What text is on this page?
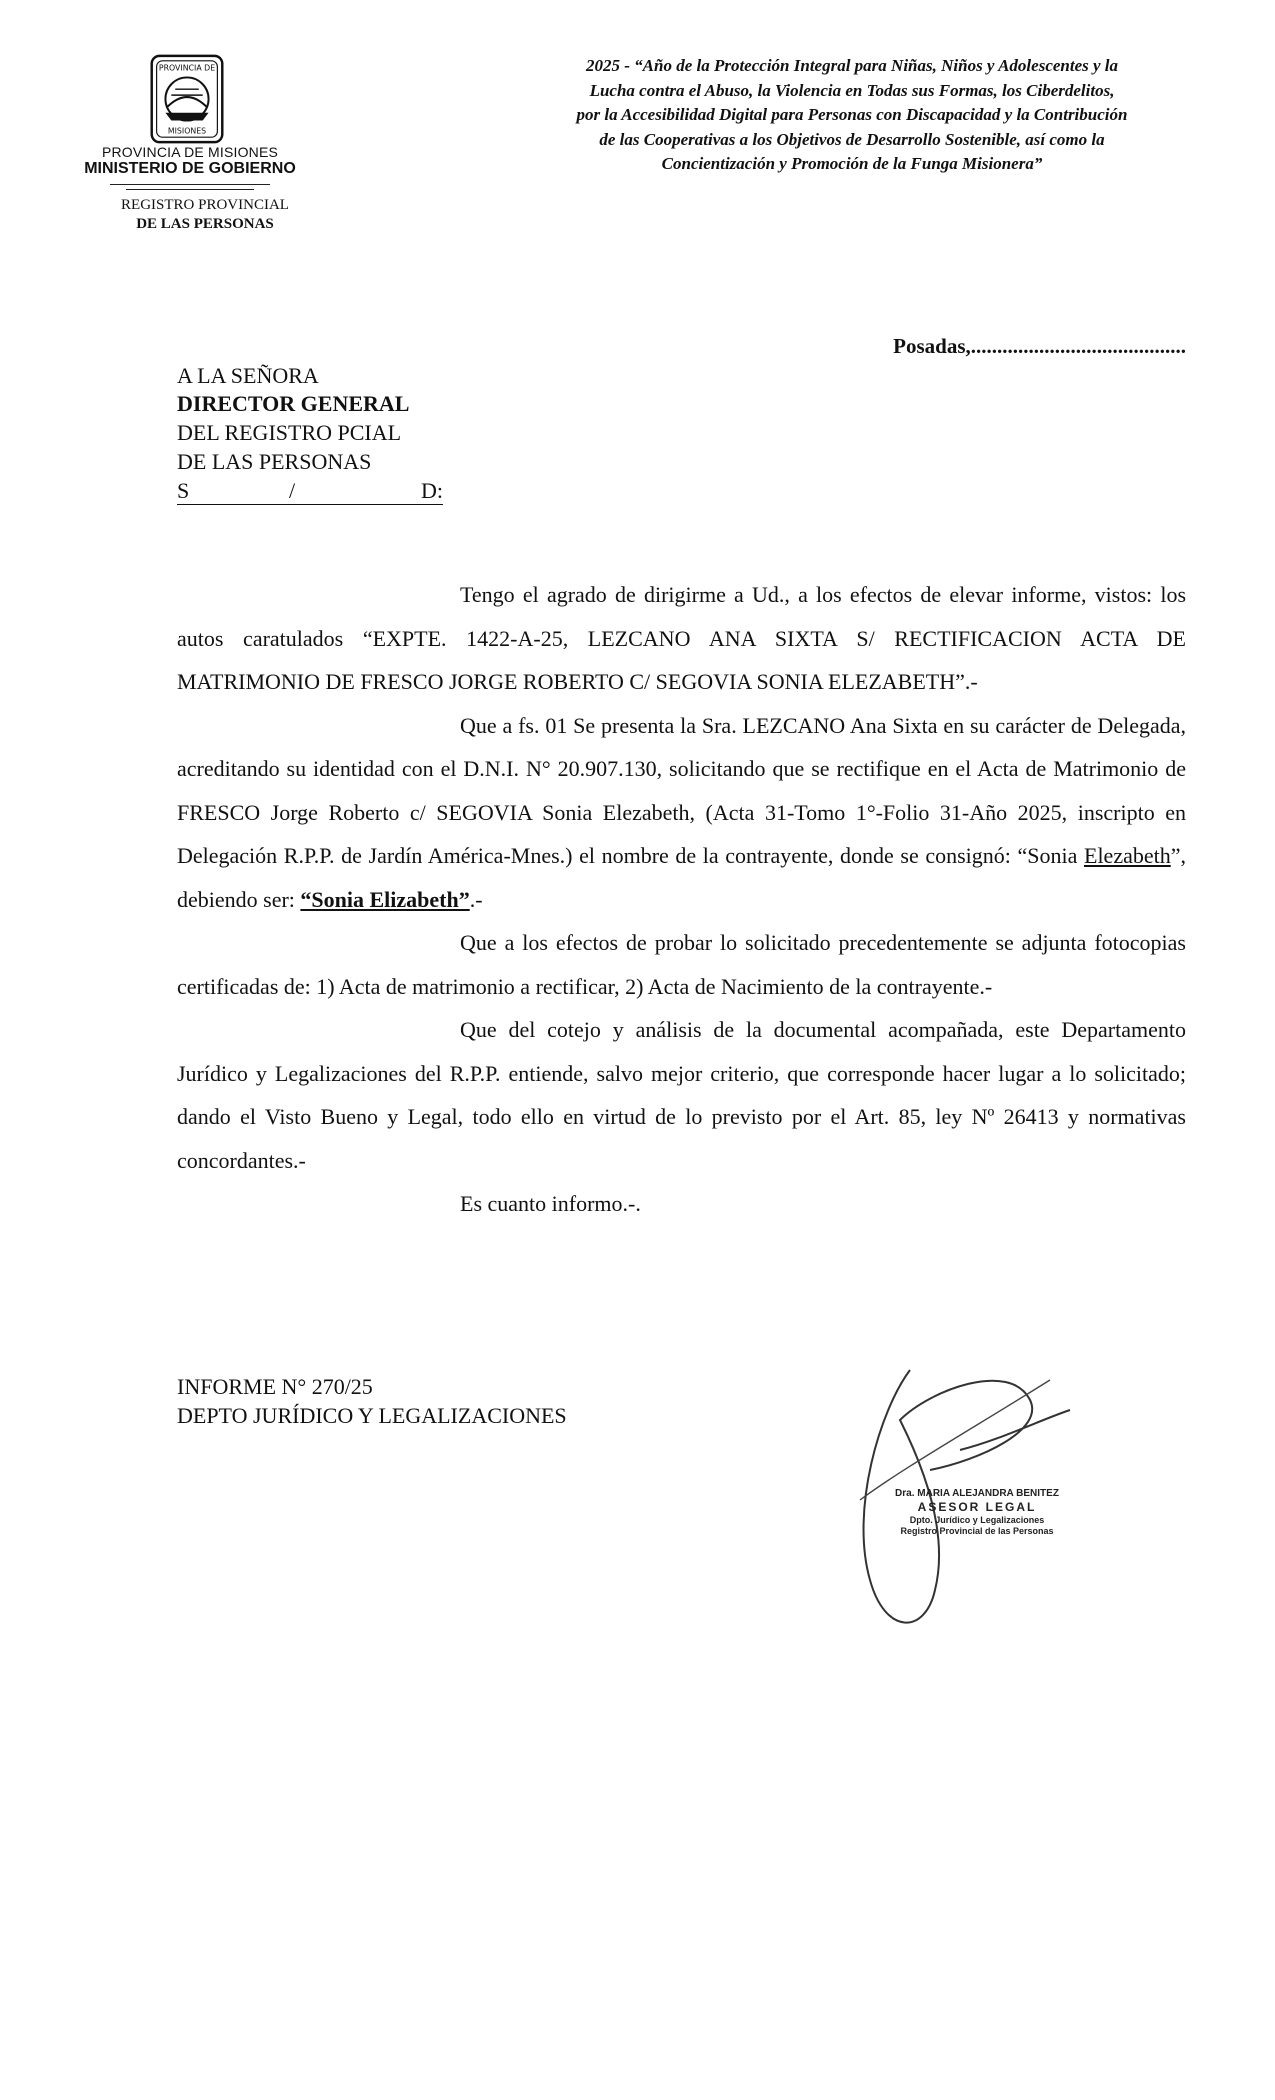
PROVINCIA DE
MISIONES
PROVINCIA DE MISIONES
MINISTERIO DE GOBIERNO
REGISTRO PROVINCIAL
DE LAS PERSONAS
2025 - “Año de la Protección Integral para Niñas, Niños y Adolescentes y la
Lucha contra el Abuso, la Violencia en Todas sus Formas, los Ciberdelitos,
por la Accesibilidad Digital para Personas con Discapacidad y la Contribución
de las Cooperativas a los Objetivos de Desarrollo Sostenible, así como la
Concientización y Promoción de la Funga Misionera”
Posadas,.........................................
A LA SEÑORA
DIRECTOR GENERAL
DEL REGISTRO PCIAL
DE LAS PERSONAS
S	/	D:

Tengo el agrado de dirigirme a Ud., a los efectos de elevar informe, vistos: los autos caratulados “EXPTE. 1422-A-25, LEZCANO ANA SIXTA S/ RECTIFICACION ACTA DE MATRIMONIO DE FRESCO JORGE ROBERTO C/ SEGOVIA SONIA ELEZABETH”.-

Que a fs. 01 Se presenta la Sra. LEZCANO Ana Sixta en su carácter de Delegada, acreditando su identidad con el D.N.I. N° 20.907.130, solicitando que se rectifique en el Acta de Matrimonio de FRESCO Jorge Roberto c/ SEGOVIA Sonia Elezabeth, (Acta 31-Tomo 1°-Folio 31-Año 2025, inscripto en Delegación R.P.P. de Jardín América-Mnes.) el nombre de la contrayente, donde se consignó: “Sonia Elezabeth”, debiendo ser: “Sonia Elizabeth”.-

Que a los efectos de probar lo solicitado precedentemente se adjunta fotocopias certificadas de: 1) Acta de matrimonio a rectificar, 2) Acta de Nacimiento de la contrayente.-

Que del cotejo y análisis de la documental acompañada, este Departamento Jurídico y Legalizaciones del R.P.P. entiende, salvo mejor criterio, que corresponde hacer lugar a lo solicitado; dando el Visto Bueno y Legal, todo ello en virtud de lo previsto por el Art. 85, ley Nº 26413 y normativas concordantes.-

Es cuanto informo.-.

INFORME N° 270/25
DEPTO JURÍDICO Y LEGALIZACIONES
Dra. MARIA ALEJANDRA BENITEZ
ASESOR LEGAL
Dpto. Jurídico y Legalizaciones
Registro Provincial de las Personas
